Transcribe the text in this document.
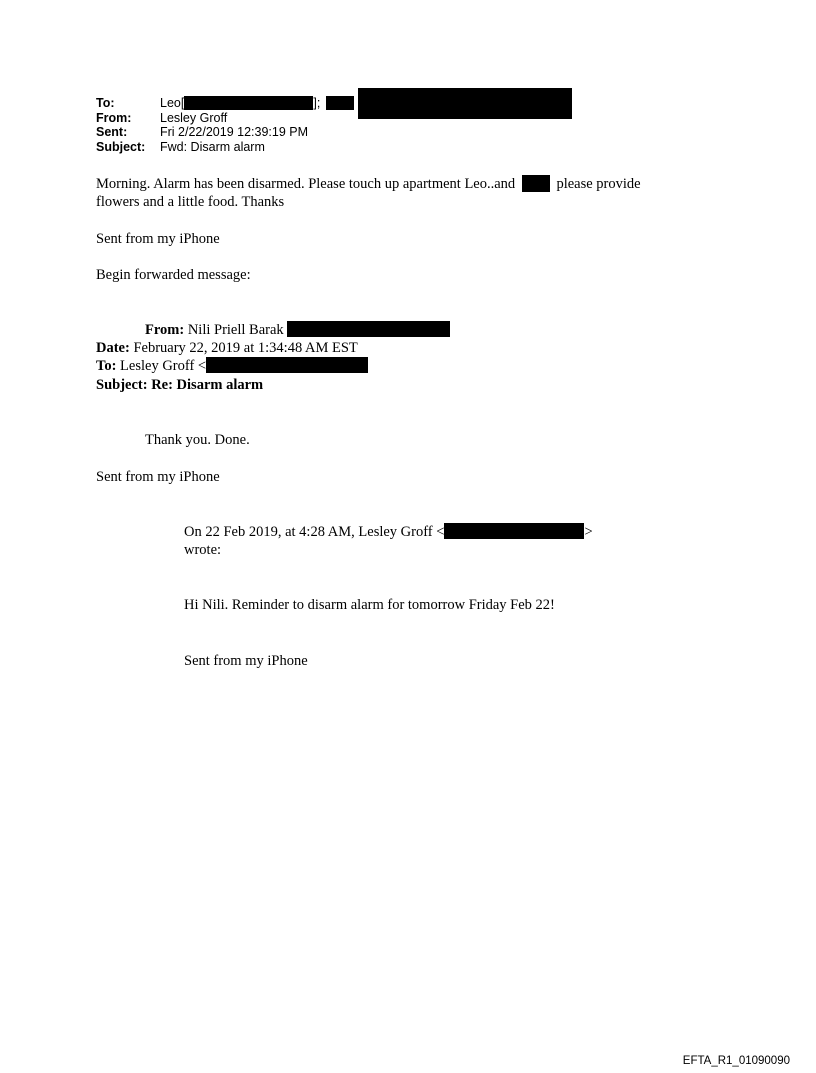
To:	Leo[	];
From:	Lesley Groff
Sent:	Fri 2/22/2019 12:39:19 PM
Subject:	Fwd: Disarm alarm
Morning. Alarm has been disarmed. Please touch up apartment Leo..and	please provide
flowers and a little food. Thanks
Sent from my iPhone
Begin forwarded message:
From: Nili Priell Barak
Date: February 22, 2019 at 1:34:48 AM EST
To: Lesley Groff <
Subject: Re: Disarm alarm
Thank you. Done.
Sent from my iPhone
On 22 Feb 2019, at 4:28 AM, Lesley Groff <	>
wrote:
Hi Nili. Reminder to disarm alarm for tomorrow Friday Feb 22!
Sent from my iPhone
EFTA_R1_01090090
